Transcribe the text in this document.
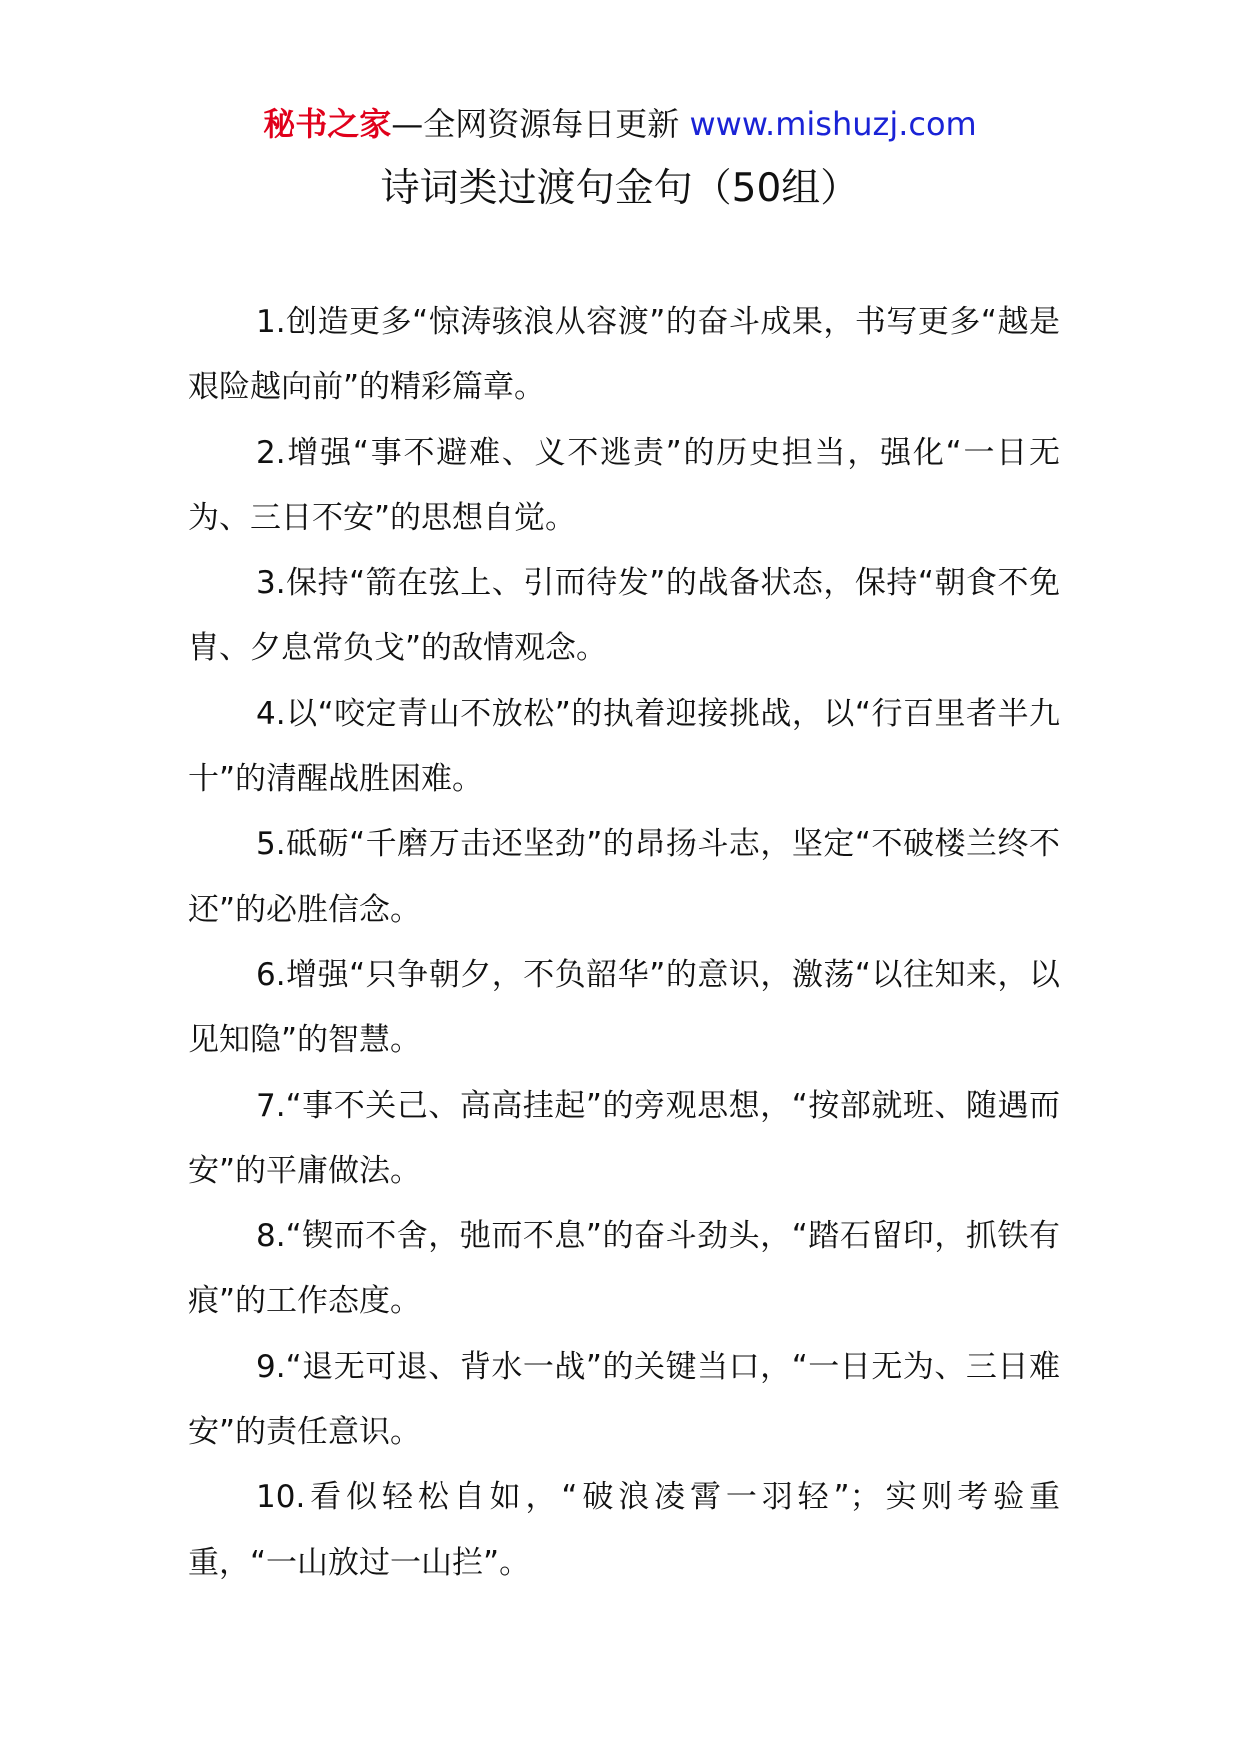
秘书之家—全网资源每日更新 www.mishuzj.com
诗词类过渡句金句（50组）

1.创造更多“惊涛骇浪从容渡”的奋斗成果，书写更多“越是艰险越向前”的精彩篇章。

2.增强“事不避难、义不逃责”的历史担当，强化“一日无为、三日不安”的思想自觉。

3.保持“箭在弦上、引而待发”的战备状态，保持“朝食不免胄、夕息常负戈”的敌情观念。

4.以“咬定青山不放松”的执着迎接挑战，以“行百里者半九十”的清醒战胜困难。

5.砥砺“千磨万击还坚劲”的昂扬斗志，坚定“不破楼兰终不还”的必胜信念。

6.增强“只争朝夕，不负韶华”的意识，激荡“以往知来，以见知隐”的智慧。

7.“事不关己、高高挂起”的旁观思想，“按部就班、随遇而安”的平庸做法。

8.“锲而不舍，弛而不息”的奋斗劲头，“踏石留印，抓铁有痕”的工作态度。

9.“退无可退、背水一战”的关键当口，“一日无为、三日难安”的责任意识。

10.看似轻松自如，“破浪凌霄一羽轻”；实则考验重重，“一山放过一山拦”。
